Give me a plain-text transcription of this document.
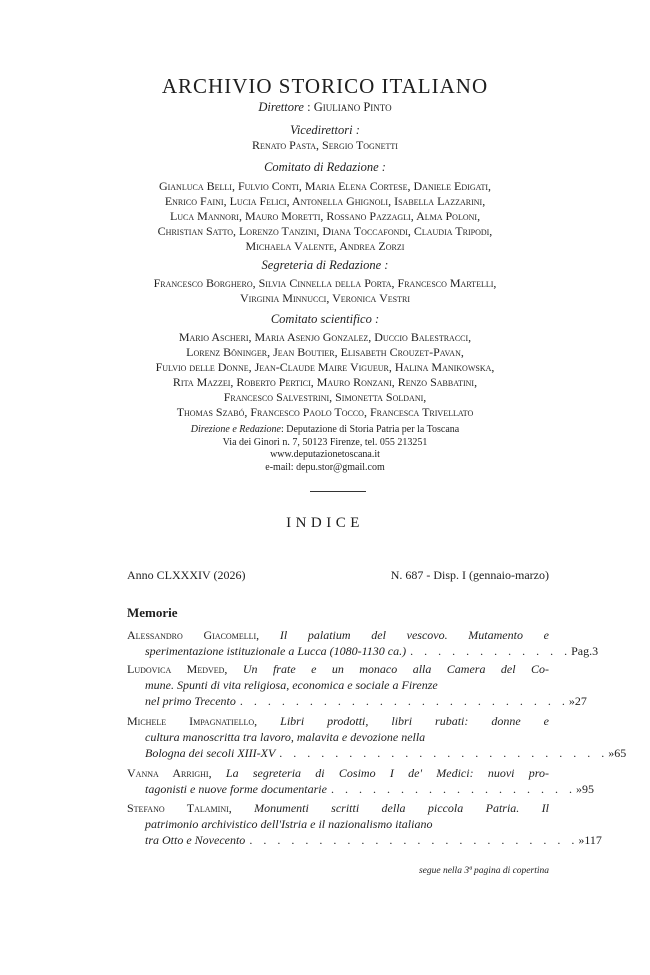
ARCHIVIO STORICO ITALIANO
Direttore : Giuliano Pinto
Vicedirettori :
Renato Pasta, Sergio Tognetti
Comitato di Redazione :
Gianluca Belli, Fulvio Conti, Maria Elena Cortese, Daniele Edigati,
Enrico Faini, Lucia Felici, Antonella Ghignoli, Isabella Lazzarini,
Luca Mannori, Mauro Moretti, Rossano Pazzagli, Alma Poloni,
Christian Satto, Lorenzo Tanzini, Diana Toccafondi, Claudia Tripodi,
Michaela Valente, Andrea Zorzi
Segreteria di Redazione :
Francesco Borghero, Silvia Cinnella della Porta, Francesco Martelli,
Virginia Minnucci, Veronica Vestri
Comitato scientifico :
Mario Ascheri, Maria Asenjo Gonzalez, Duccio Balestracci,
Lorenz Böninger, Jean Boutier, Elisabeth Crouzet-Pavan,
Fulvio delle Donne, Jean-Claude Maire Vigueur, Halina Manikowska,
Rita Mazzei, Roberto Pertici, Mauro Ronzani, Renzo Sabbatini,
Francesco Salvestrini, Simonetta Soldani,
Thomas Szabó, Francesco Paolo Tocco, Francesca Trivellato
Direzione e Redazione: Deputazione di Storia Patria per la Toscana
Via dei Ginori n. 7, 50123 Firenze, tel. 055 213251
www.deputazionetoscana.it
e-mail: depu.stor@gmail.com
INDICE
Anno CLXXXIV (2026)	N. 687 - Disp. I (gennaio-marzo)
Memorie
Alessandro Giacomelli, Il palatium del vescovo. Mutamento e
sperimentazione istituzionale a Lucca (1080-1130 ca.) . . . . . . . . . . . . Pag. 3
Ludovica Medved, Un frate e un monaco alla Camera del Co-
mune. Spunti di vita religiosa, economica e sociale a Firenze
nel primo Trecento . . . . . . . . . . . . . . . . . . . . . . . . » 27
Michele Impagnatiello, Libri prodotti, libri rubati: donne e
cultura manoscritta tra lavoro, malavita e devozione nella
Bologna dei secoli XIII-XV . . . . . . . . . . . . . . . . . . . . . . . . » 65
Vanna Arrighi, La segreteria di Cosimo I de' Medici: nuovi pro-
tagonisti e nuove forme documentarie . . . . . . . . . . . . . . . . . . » 95
Stefano Talamini, Monumenti scritti della piccola Patria. Il
patrimonio archivistico dell'Istria e il nazionalismo italiano
tra Otto e Novecento . . . . . . . . . . . . . . . . . . . . . . . . » 117
segue nella 3ª pagina di copertina
